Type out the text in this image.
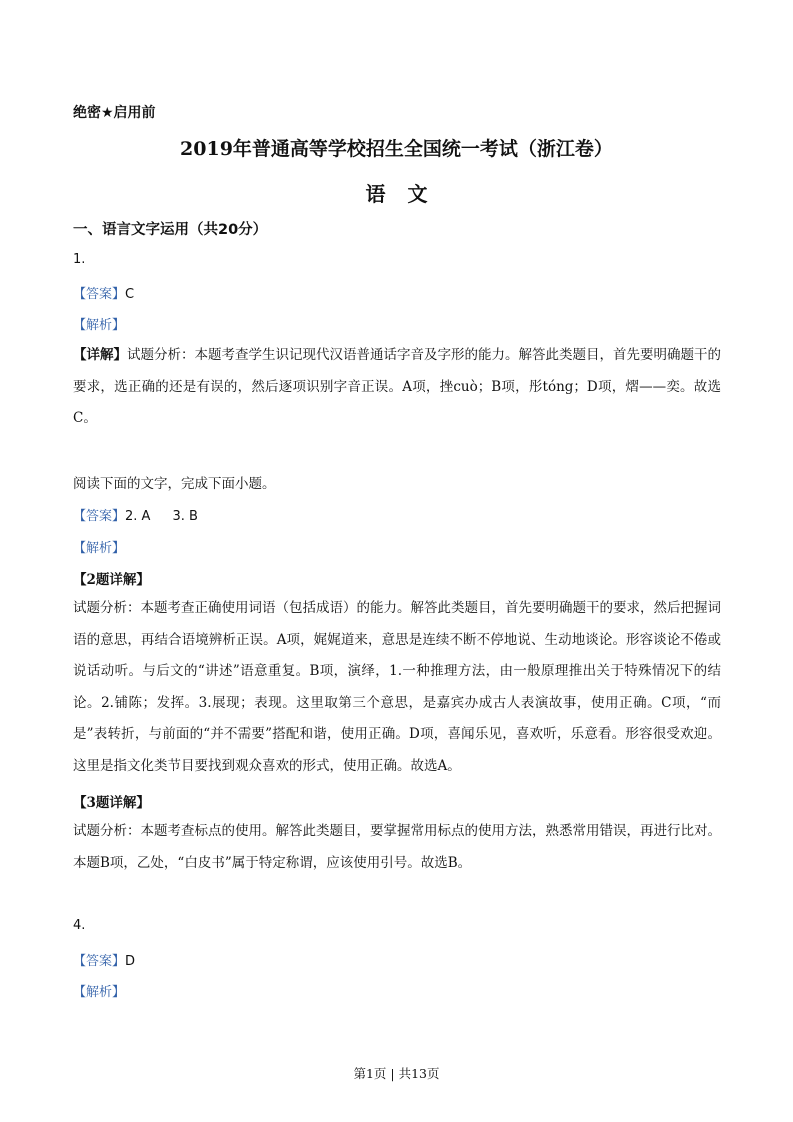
绝密★启用前
2019年普通高等学校招生全国统一考试（浙江卷）
语文
一、语言文字运用（共20分）
1.
【答案】C
【解析】
【详解】试题分析：本题考查学生识记现代汉语普通话字音及字形的能力。解答此类题目，首先要明确题干的要求，选正确的还是有误的，然后逐项识别字音正误。A项，挫cuò；B项，彤tóng；D项，熠——奕。故选C。
阅读下面的文字，完成下面小题。
【答案】2. A 3. B
【解析】
【2题详解】
试题分析：本题考查正确使用词语（包括成语）的能力。解答此类题目，首先要明确题干的要求，然后把握词语的意思，再结合语境辨析正误。A项，娓娓道来，意思是连续不断不停地说、生动地谈论。形容谈论不倦或说话动听。与后文的“讲述”语意重复。B项，演绎，1.一种推理方法，由一般原理推出关于特殊情况下的结论。2.铺陈；发挥。3.展现；表现。这里取第三个意思，是嘉宾办成古人表演故事，使用正确。C项，“而是”表转折，与前面的“并不需要”搭配和谐，使用正确。D项，喜闻乐见，喜欢听，乐意看。形容很受欢迎。这里是指文化类节目要找到观众喜欢的形式，使用正确。故选A。
【3题详解】
试题分析：本题考查标点的使用。解答此类题目，要掌握常用标点的使用方法，熟悉常用错误，再进行比对。本题B项，乙处，“白皮书”属于特定称谓，应该使用引号。故选B。
4.
【答案】D
【解析】
第1页 | 共13页
